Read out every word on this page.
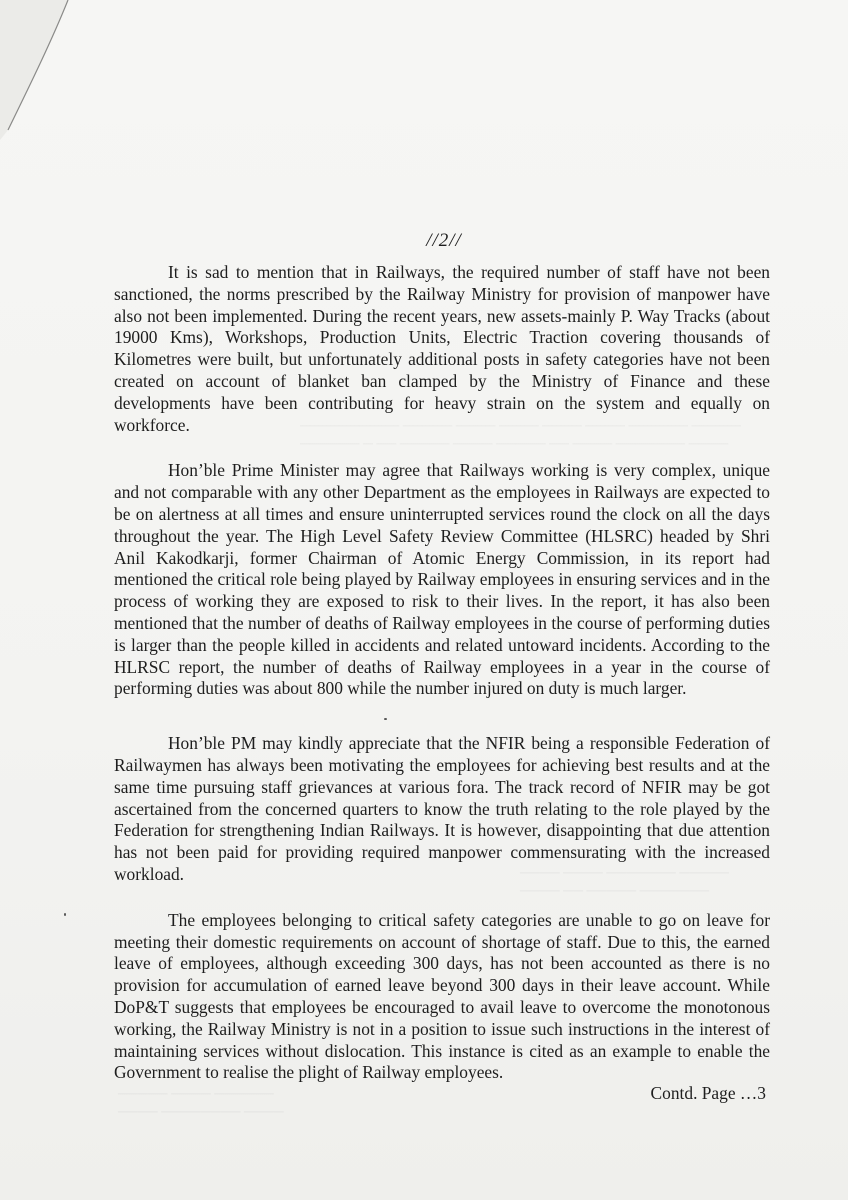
────────── ───── ──── ──── ──── ──── ────── ─────
────── ─ ── ───── ──── ───── ── ──── ─────── ────
──── ──── ─────── ─────
──── ── ───── ───────
───── ──── ──────
──── ──────── ────
//2//

It is sad to mention that in Railways, the required number of staff have not been sanctioned, the norms prescribed by the Railway Ministry for provision of manpower have also not been implemented. During the recent years, new assets-mainly P. Way Tracks (about 19000 Kms), Workshops, Production Units, Electric Traction covering thousands of Kilometres were built, but unfortunately additional posts in safety categories have not been created on account of blanket ban clamped by the Ministry of Finance and these developments have been contributing for heavy strain on the system and equally on workforce.

Hon’ble Prime Minister may agree that Railways working is very complex, unique and not comparable with any other Department as the employees in Railways are expected to be on alertness at all times and ensure uninterrupted services round the clock on all the days throughout the year. The High Level Safety Review Committee (HLSRC) headed by Shri Anil Kakodkarji, former Chairman of Atomic Energy Commission, in its report had mentioned the critical role being played by Railway employees in ensuring services and in the process of working they are exposed to risk to their lives. In the report, it has also been mentioned that the number of deaths of Railway employees in the course of performing duties is larger than the people killed in accidents and related untoward incidents. According to the HLRSC report, the number of deaths of Railway employees in a year in the course of performing duties was about 800 while the number injured on duty is much larger.

Hon’ble PM may kindly appreciate that the NFIR being a responsible Federation of Railwaymen has always been motivating the employees for achieving best results and at the same time pursuing staff grievances at various fora. The track record of NFIR may be got ascertained from the concerned quarters to know the truth relating to the role played by the Federation for strengthening Indian Railways. It is however, disappointing that due attention has not been paid for providing required manpower commensurating with the increased workload.

The employees belonging to critical safety categories are unable to go on leave for meeting their domestic requirements on account of shortage of staff. Due to this, the earned leave of employees, although exceeding 300 days, has not been accounted as there is no provision for accumulation of earned leave beyond 300 days in their leave account. While DoP&T suggests that employees be encouraged to avail leave to overcome the monotonous working, the Railway Ministry is not in a position to issue such instructions in the interest of maintaining services without dislocation. This instance is cited as an example to enable the Government to realise the plight of Railway employees.

Contd. Page …3
